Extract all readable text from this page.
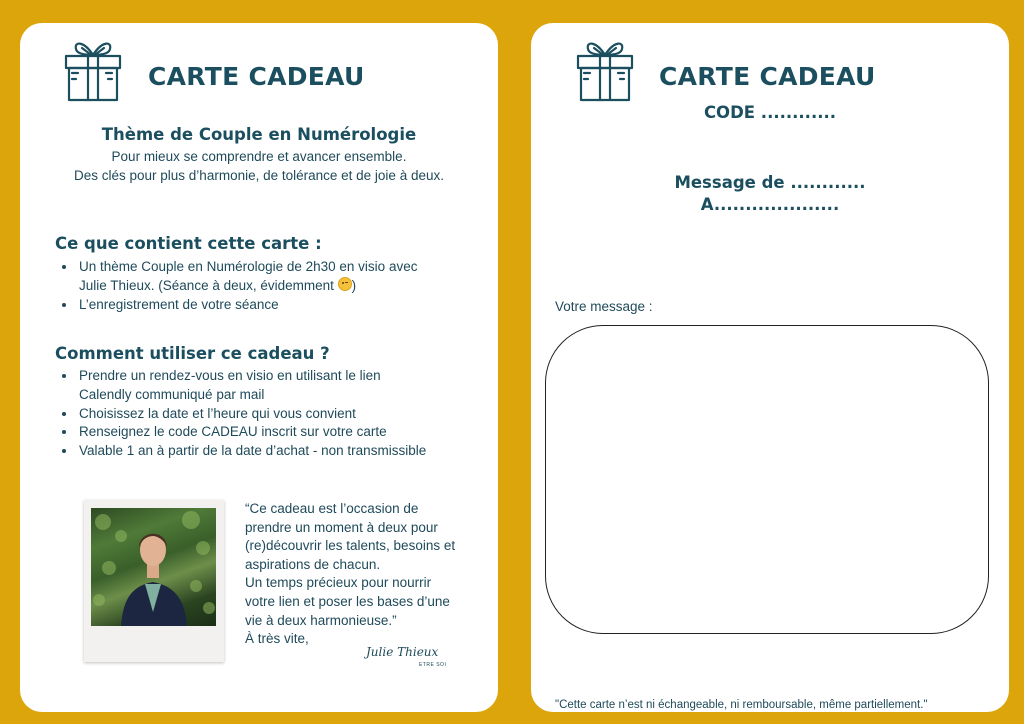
CARTE CADEAU
Thème de Couple en Numérologie
Pour mieux se comprendre et avancer ensemble.
Des clés pour plus d’harmonie, de tolérance et de joie à deux.
Ce que contient cette carte :
• Un thème Couple en Numérologie de 2h30 en visio avec
Julie Thieux. (Séance à deux, évidemment )
• L’enregistrement de votre séance
Comment utiliser ce cadeau ?
• Prendre un rendez-vous en visio en utilisant le lien
Calendly communiqué par mail
• Choisissez la date et l’heure qui vous convient
• Renseignez le code CADEAU inscrit sur votre carte
• Valable 1 an à partir de la date d’achat - non transmissible
“Ce cadeau est l’occasion de
prendre un moment à deux pour
(re)découvrir les talents, besoins et
aspirations de chacun.
Un temps précieux pour nourrir
votre lien et poser les bases d’une
vie à deux harmonieuse.”
À très vite,
Julie Thieux
ETRE SOI
CARTE CADEAU
CODE ............
Message de ............
A....................
Votre message :
"Cette carte n’est ni échangeable, ni remboursable, même partiellement."
